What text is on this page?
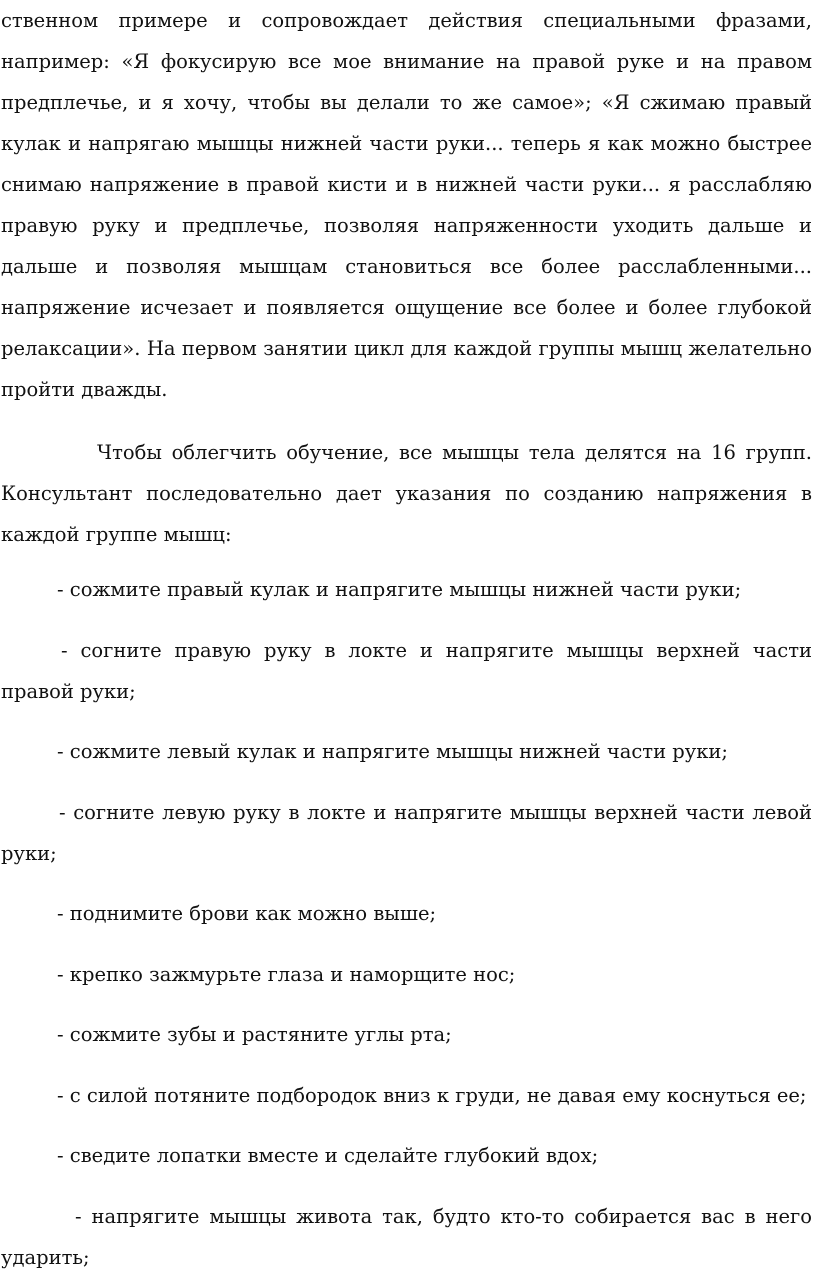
ственном примере и сопровождает действия специальными фразами, например: «Я фокусирую все мое внимание на правой руке и на правом предплечье, и я хочу, чтобы вы делали то же самое»; «Я сжимаю правый кулак и напрягаю мышцы нижней части руки... теперь я как можно быстрее снимаю напряжение в правой кисти и в нижней части руки... я расслабляю правую руку и предплечье, позволяя напряженности уходить дальше и дальше и позволяя мышцам становиться все более расслабленными... напряжение исчезает и появляется ощущение все более и более глубокой релаксации». На первом занятии цикл для каждой группы мышц желательно пройти дважды.

Чтобы облегчить обучение, все мышцы тела делятся на 16 групп. Консультант последовательно дает указания по созданию напряжения в каждой группе мышц:

- сожмите правый кулак и напрягите мышцы нижней части руки;

- согните правую руку в локте и напрягите мышцы верхней части правой руки;

- сожмите левый кулак и напрягите мышцы нижней части руки;

- согните левую руку в локте и напрягите мышцы верхней части левой руки;

- поднимите брови как можно выше;

- крепко зажмурьте глаза и наморщите нос;

- сожмите зубы и растяните углы рта;

- с силой потяните подбородок вниз к груди, не давая ему коснуться ее;

- сведите лопатки вместе и сделайте глубокий вдох;

- напрягите мышцы живота так, будто кто-то собирается вас в него ударить;
